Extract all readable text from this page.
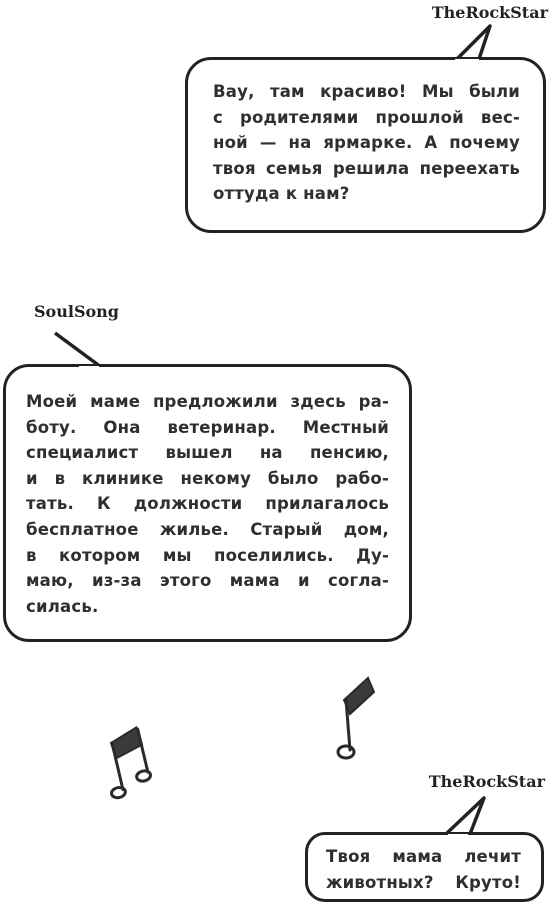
TheRockStar

Вау, там красиво! Мы были

с родителями прошлой вес-

ной — на ярмарке. А почему

твоя семья решила переехать

оттуда к нам?

SoulSong

Моей маме предложили здесь ра-

боту. Она ветеринар. Местный

специалист вышел на пенсию,

и в клинике некому было рабо-

тать. К должности прилагалось

бесплатное жилье. Старый дом,

в котором мы поселились. Ду-

маю, из-за этого мама и согла-

силась.

TheRockStar

Твоя мама лечит

животных? Круто!
